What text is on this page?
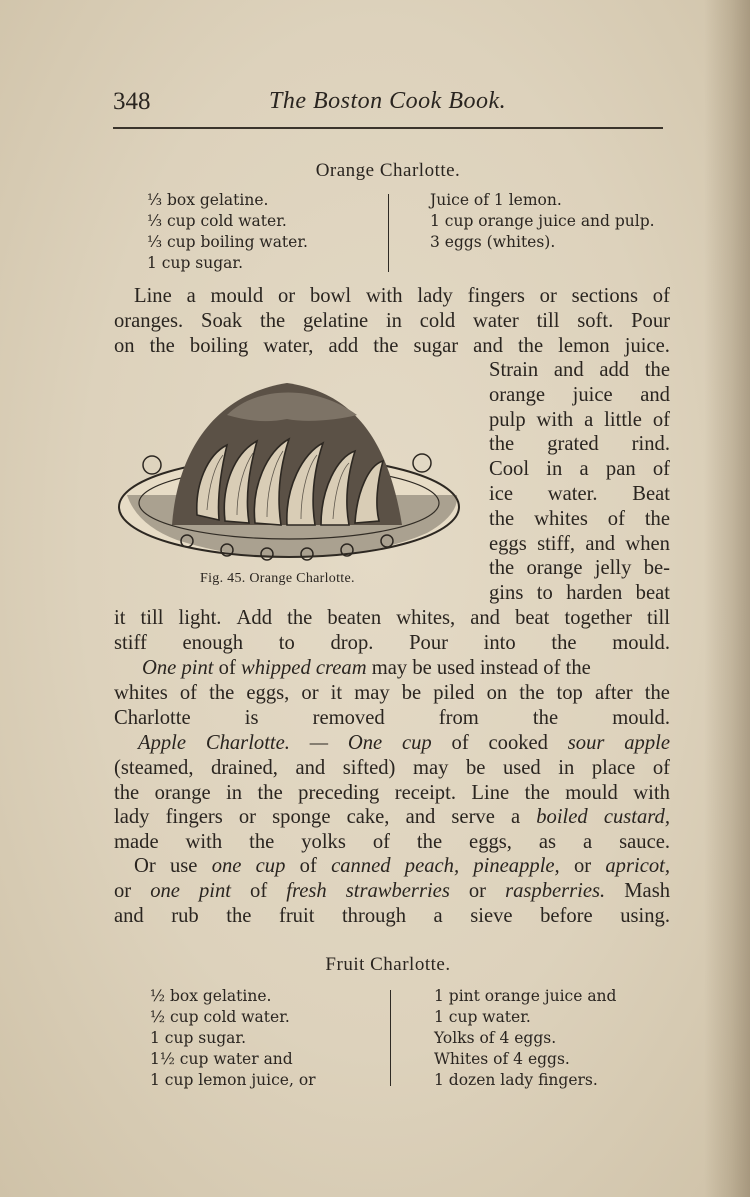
348	The Boston Cook Book.
Orange Charlotte.
⅓ box gelatine.
⅓ cup cold water.
⅓ cup boiling water.
1 cup sugar.
Juice of 1 lemon.
1 cup orange juice and pulp.
3 eggs (whites).
Line a mould or bowl with lady fingers or sections of
oranges. Soak the gelatine in cold water till soft. Pour
on the boiling water, add the sugar and the lemon juice.
Strain and add the
orange juice and
pulp with a little of
the grated rind.
Cool in a pan of
ice water. Beat
the whites of the
eggs stiff, and when
the orange jelly be-
gins to harden beat
Fig. 45. Orange Charlotte.
it till light. Add the beaten whites, and beat together till
stiff enough to drop. Pour into the mould.
One pint of whipped cream may be used instead of the
whites of the eggs, or it may be piled on the top after the
Charlotte is removed from the mould.
Apple Charlotte. — One cup of cooked sour apple
(steamed, drained, and sifted) may be used in place of
the orange in the preceding receipt. Line the mould with
lady fingers or sponge cake, and serve a boiled custard,
made with the yolks of the eggs, as a sauce.
Or use one cup of canned peach, pineapple, or apricot,
or one pint of fresh strawberries or raspberries. Mash
and rub the fruit through a sieve before using.
Fruit Charlotte.
½ box gelatine.
½ cup cold water.
1 cup sugar.
1½ cup water and
1 cup lemon juice, or
1 pint orange juice and
1 cup water.
Yolks of 4 eggs.
Whites of 4 eggs.
1 dozen lady fingers.
